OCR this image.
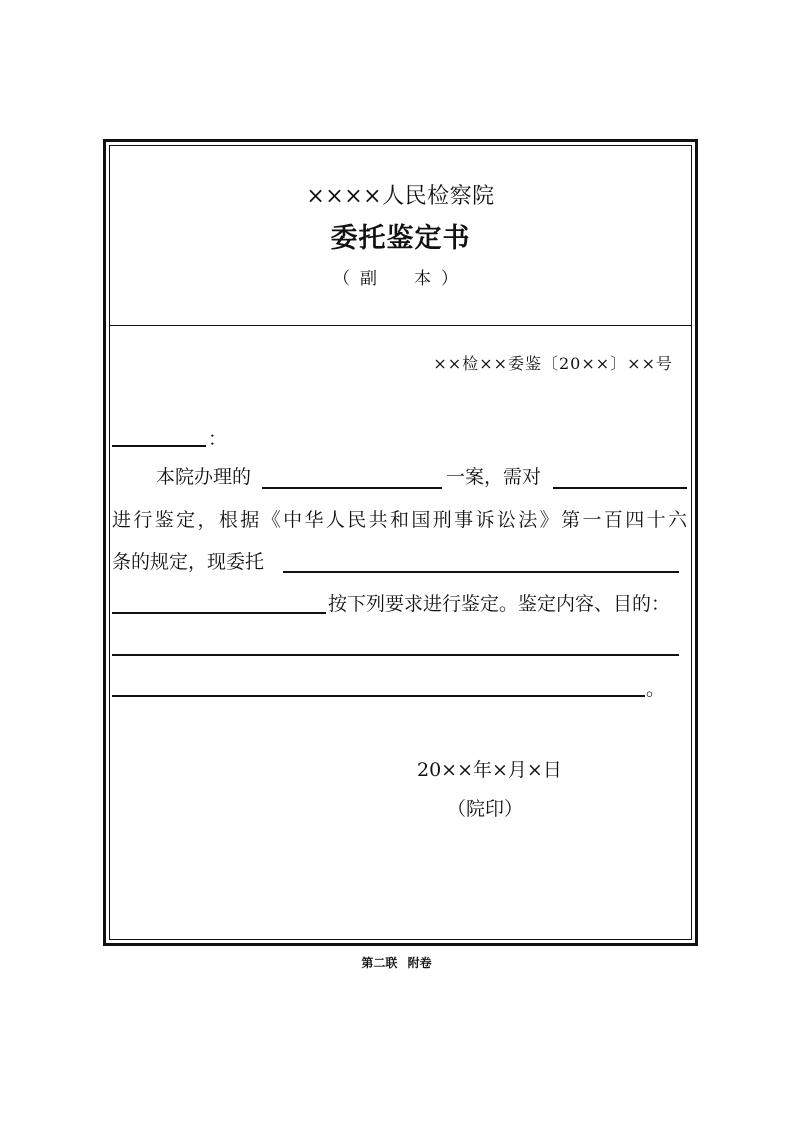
××××人民检察院
委托鉴定书
（副　本）
××检××委鉴〔20××〕××号
：
本院办理的	一案，需对
进行鉴定，根据《中华人民共和国刑事诉讼法》第一百四十六
条的规定，现委托
按下列要求进行鉴定。鉴定内容、目的：
。
20××年×月×日
（院印）
第二联 附卷
